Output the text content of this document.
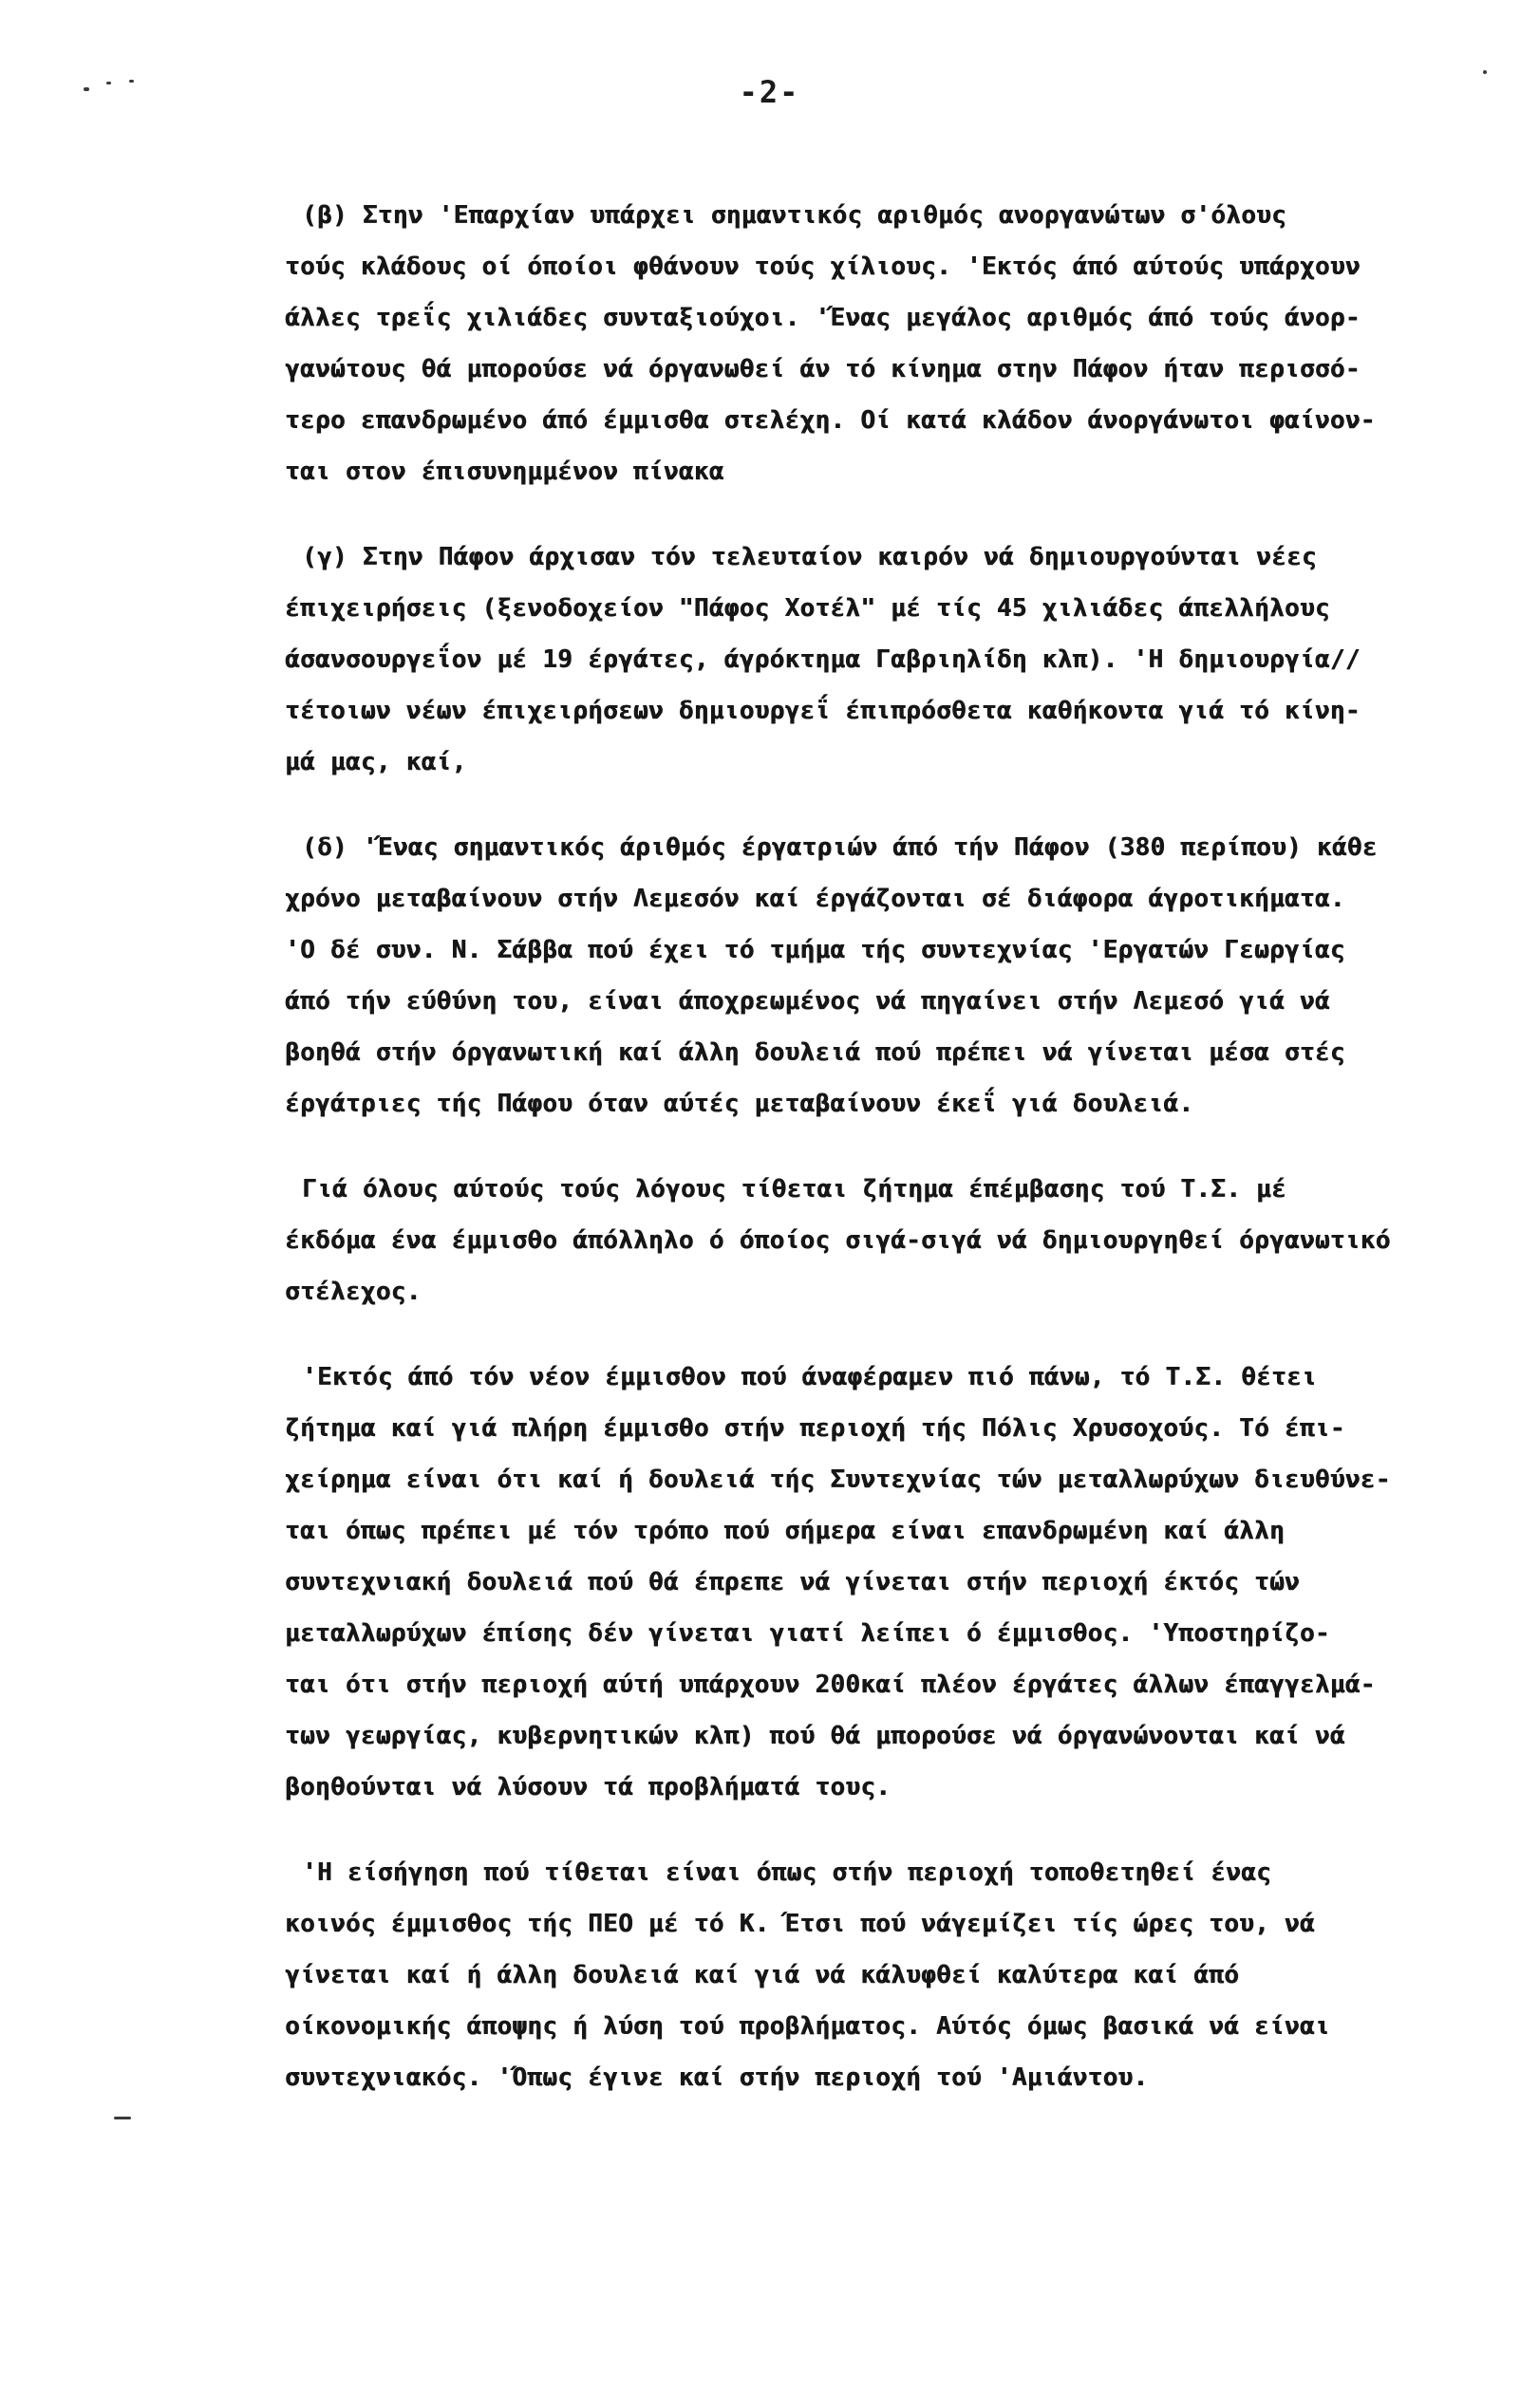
-2-
(β) Στην 'Επαρχίαν υπάρχει σημαντικός αριθμός ανοργανώτων σ'όλους
τούς κλάδους οί όποίοι φθάνουν τούς χίλιους. 'Εκτός άπό αύτούς υπάρχουν
άλλες τρεΐς χιλιάδες συνταξιούχοι. 'Ένας μεγάλος αριθμός άπό τούς άνορ-
γανώτους θά μπορούσε νά όργανωθεί άν τό κίνημα στην Πάφον ήταν περισσό-
τερο επανδρωμένο άπό έμμισθα στελέχη. Οί κατά κλάδον άνοργάνωτοι φαίνον-
ται στον έπισυνημμένον πίνακα
(γ) Στην Πάφον άρχισαν τόν τελευταίον καιρόν νά δημιουργούνται νέες
έπιχειρήσεις (ξενοδοχείον "Πάφος Χοτέλ" μέ τίς 45 χιλιάδες άπελλήλους
άσανσουργεΐον μέ 19 έργάτες, άγρόκτημα Γαβριηλίδη κλπ). 'Η δημιουργία//
τέτοιων νέων έπιχειρήσεων δημιουργεΐ έπιπρόσθετα καθήκοντα γιά τό κίνη-
μά μας, καί,
(δ) 'Ένας σημαντικός άριθμός έργατριών άπό τήν Πάφον (380 περίπου) κάθε
χρόνο μεταβαίνουν στήν Λεμεσόν καί έργάζονται σέ διάφορα άγροτικήματα.
'Ο δέ συν. Ν. Σάββα πού έχει τό τμήμα τής συντεχνίας 'Εργατών Γεωργίας
άπό τήν εύθύνη του, είναι άποχρεωμένος νά πηγαίνει στήν Λεμεσό γιά νά
βοηθά στήν όργανωτική καί άλλη δουλειά πού πρέπει νά γίνεται μέσα στές
έργάτριες τής Πάφου όταν αύτές μεταβαίνουν έκεΐ γιά δουλειά.
Γιά όλους αύτούς τούς λόγους τίθεται ζήτημα έπέμβασης τού Τ.Σ. μέ
έκδόμα ένα έμμισθο άπόλληλο ό όποίος σιγά-σιγά νά δημιουργηθεί όργανωτικό
στέλεχος.
'Εκτός άπό τόν νέον έμμισθον πού άναφέραμεν πιό πάνω, τό Τ.Σ. θέτει
ζήτημα καί γιά πλήρη έμμισθο στήν περιοχή τής Πόλις Χρυσοχούς. Τό έπι-
χείρημα είναι ότι καί ή δουλειά τής Συντεχνίας τών μεταλλωρύχων διευθύνε-
ται όπως πρέπει μέ τόν τρόπο πού σήμερα είναι επανδρωμένη καί άλλη
συντεχνιακή δουλειά πού θά έπρεπε νά γίνεται στήν περιοχή έκτός τών
μεταλλωρύχων έπίσης δέν γίνεται γιατί λείπει ό έμμισθος. 'Υποστηρίζο-
ται ότι στήν περιοχή αύτή υπάρχουν 200καί πλέον έργάτες άλλων έπαγγελμά-
των γεωργίας, κυβερνητικών κλπ) πού θά μπορούσε νά όργανώνονται καί νά
βοηθούνται νά λύσουν τά προβλήματά τους.
'Η είσήγηση πού τίθεται είναι όπως στήν περιοχή τοποθετηθεί ένας
κοινός έμμισθος τής ΠΕΟ μέ τό Κ. Έτσι πού νάγεμίζει τίς ώρες του, νά
γίνεται καί ή άλλη δουλειά καί γιά νά κάλυφθεί καλύτερα καί άπό
οίκονομικής άποψης ή λύση τού προβλήματος. Αύτός όμως βασικά νά είναι
συντεχνιακός. 'Όπως έγινε καί στήν περιοχή τού 'Αμιάντου.
